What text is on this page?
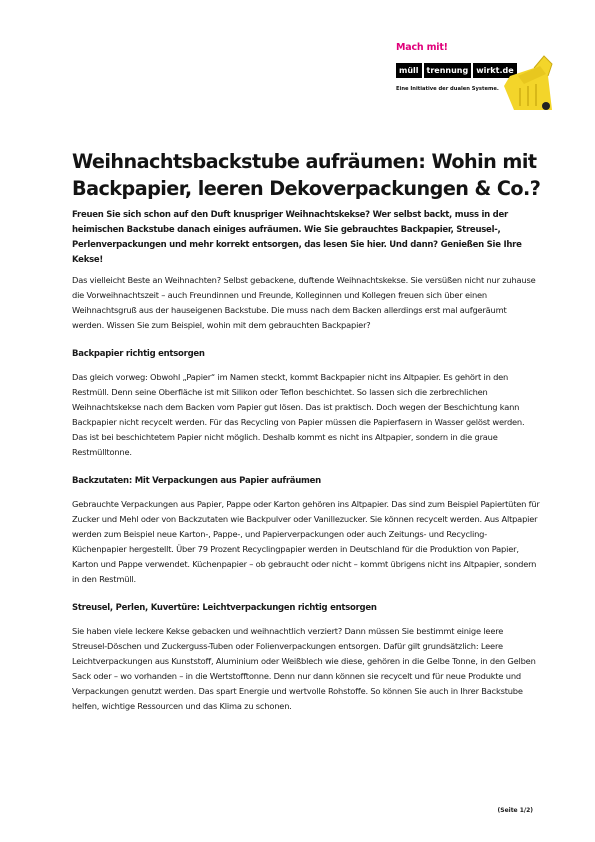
Mach mit!
müll	trennung	wirkt.de
Eine Initiative der dualen Systeme.
Weihnachtsbackstube aufräumen: Wohin mit Backpapier, leeren Dekoverpackungen & Co.?

Freuen Sie sich schon auf den Duft knuspriger Weihnachtskekse? Wer selbst backt, muss in der heimischen Backstube danach einiges aufräumen. Wie Sie gebrauchtes Backpapier, Streusel-, Perlenverpackungen und mehr korrekt entsorgen, das lesen Sie hier. Und dann? Genießen Sie Ihre Kekse!

Das vielleicht Beste an Weihnachten? Selbst gebackene, duftende Weihnachtskekse. Sie versüßen nicht nur zuhause die Vorweihnachtszeit – auch Freundinnen und Freunde, Kolleginnen und Kollegen freuen sich über einen Weihnachtsgruß aus der hauseigenen Backstube. Die muss nach dem Backen allerdings erst mal aufgeräumt werden. Wissen Sie zum Beispiel, wohin mit dem gebrauchten Backpapier?

Backpapier richtig entsorgen

Das gleich vorweg: Obwohl „Papier“ im Namen steckt, kommt Backpapier nicht ins Altpapier. Es gehört in den Restmüll. Denn seine Oberfläche ist mit Silikon oder Teflon beschichtet. So lassen sich die zerbrechlichen Weihnachtskekse nach dem Backen vom Papier gut lösen. Das ist praktisch. Doch wegen der Beschichtung kann Backpapier nicht recycelt werden. Für das Recycling von Papier müssen die Papierfasern in Wasser gelöst werden. Das ist bei beschichtetem Papier nicht möglich. Deshalb kommt es nicht ins Altpapier, sondern in die graue Restmülltonne.

Backzutaten: Mit Verpackungen aus Papier aufräumen

Gebrauchte Verpackungen aus Papier, Pappe oder Karton gehören ins Altpapier. Das sind zum Beispiel Papiertüten für Zucker und Mehl oder von Backzutaten wie Backpulver oder Vanillezucker. Sie können recycelt werden. Aus Altpapier werden zum Beispiel neue Karton-, Pappe-, und Papierverpackungen oder auch Zeitungs- und Recycling-Küchenpapier hergestellt. Über 79 Prozent Recyclingpapier werden in Deutschland für die Produktion von Papier, Karton und Pappe verwendet. Küchenpapier – ob gebraucht oder nicht – kommt übrigens nicht ins Altpapier, sondern in den Restmüll.

Streusel, Perlen, Kuvertüre: Leichtverpackungen richtig entsorgen

Sie haben viele leckere Kekse gebacken und weihnachtlich verziert? Dann müssen Sie bestimmt einige leere Streusel-Döschen und Zuckerguss-Tuben oder Folienverpackungen entsorgen. Dafür gilt grundsätzlich: Leere Leichtverpackungen aus Kunststoff, Aluminium oder Weißblech wie diese, gehören in die Gelbe Tonne, in den Gelben Sack oder – wo vorhanden – in die Wertstofftonne. Denn nur dann können sie recycelt und für neue Produkte und Verpackungen genutzt werden. Das spart Energie und wertvolle Rohstoffe. So können Sie auch in Ihrer Backstube helfen, wichtige Ressourcen und das Klima zu schonen.

(Seite 1/2)
